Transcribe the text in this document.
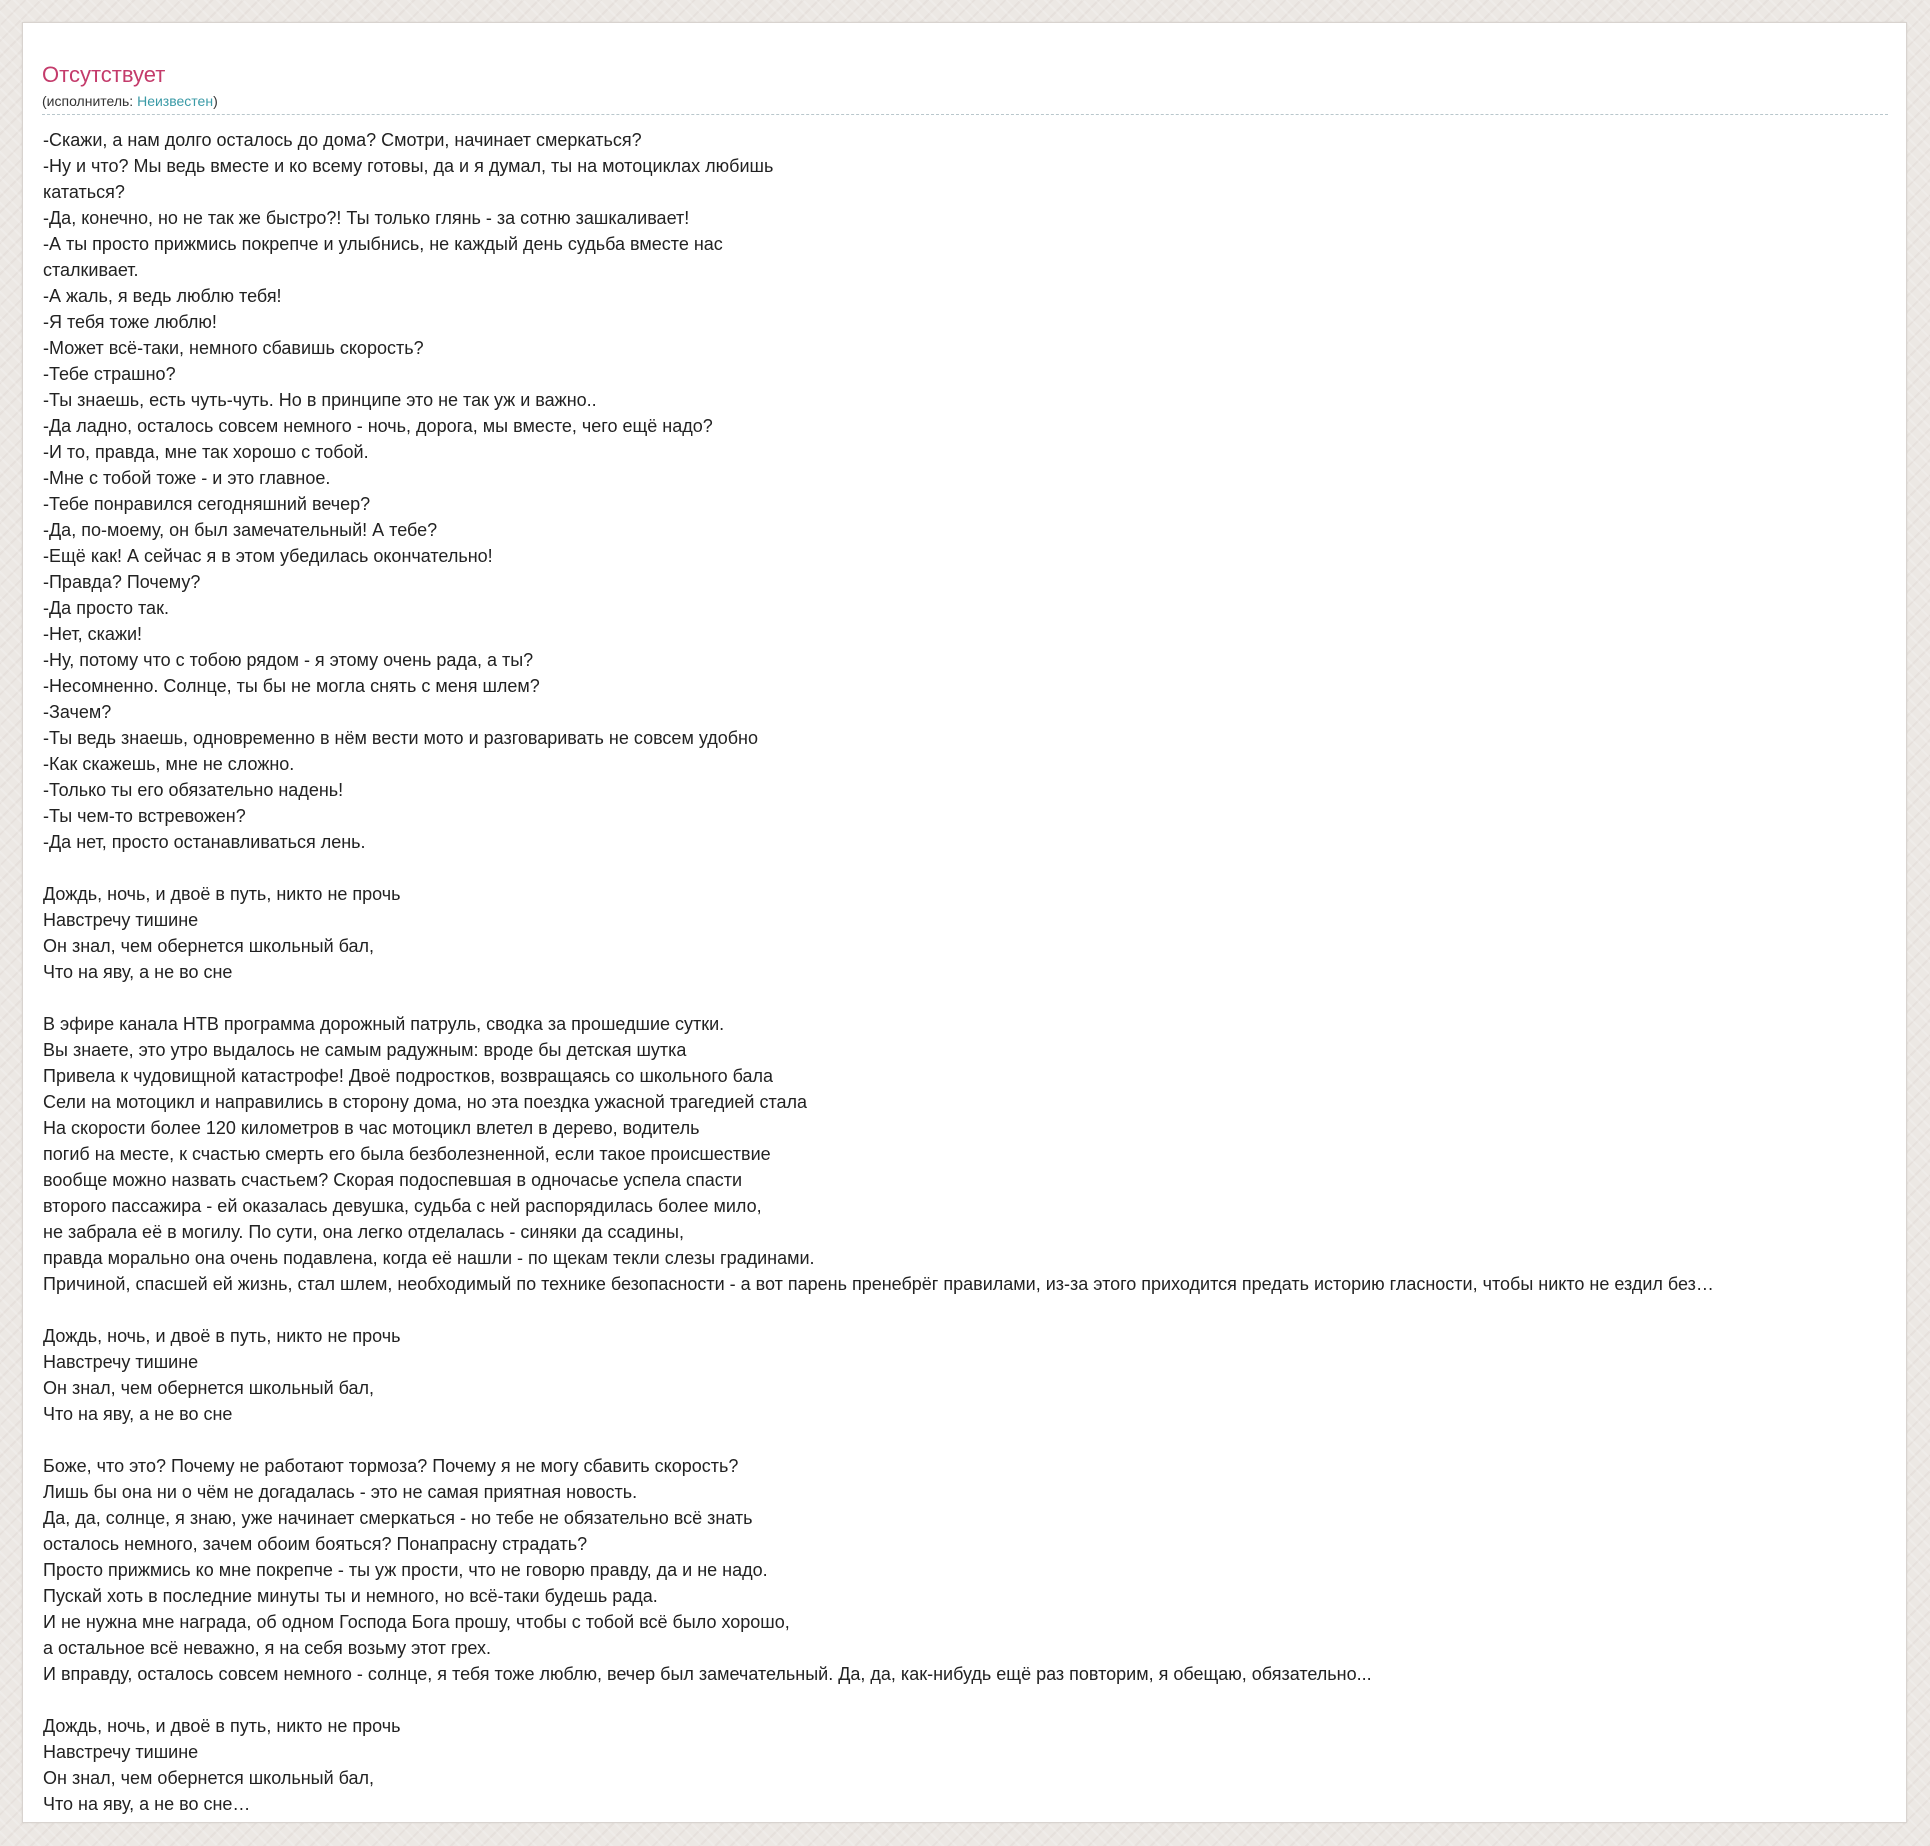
Отсутствует
(исполнитель: Неизвестен)
-Скажи, а нам долго осталось до дома? Смотри, начинает смеркаться?
-Ну и что? Мы ведь вместе и ко всему готовы, да и я думал, ты на мотоциклах любишь
кататься?
-Да, конечно, но не так же быстро?! Ты только глянь - за сотню зашкаливает!
-А ты просто прижмись покрепче и улыбнись, не каждый день судьба вместе нас
сталкивает.
-А жаль, я ведь люблю тебя!
-Я тебя тоже люблю!
-Может всё-таки, немного сбавишь скорость?
-Тебе страшно?
-Ты знаешь, есть чуть-чуть. Но в принципе это не так уж и важно..
-Да ладно, осталось совсем немного - ночь, дорога, мы вместе, чего ещё надо?
-И то, правда, мне так хорошо с тобой.
-Мне с тобой тоже - и это главное.
-Тебе понравился сегодняшний вечер?
-Да, по-моему, он был замечательный! А тебе?
-Ещё как! А сейчас я в этом убедилась окончательно!
-Правда? Почему?
-Да просто так.
-Нет, скажи!
-Ну, потому что с тобою рядом - я этому очень рада, а ты?
-Несомненно. Солнце, ты бы не могла снять с меня шлем?
-Зачем?
-Ты ведь знаешь, одновременно в нём вести мото и разговаривать не совсем удобно
-Как скажешь, мне не сложно.
-Только ты его обязательно надень!
-Ты чем-то встревожен?
-Да нет, просто останавливаться лень.
Дождь, ночь, и двоё в путь, никто не прочь
Навстречу тишине
Он знал, чем обернется школьный бал,
Что на яву, а не во сне
В эфире канала НТВ программа дорожный патруль, сводка за прошедшие сутки.
Вы знаете, это утро выдалось не самым радужным: вроде бы детская шутка
Привела к чудовищной катастрофе! Двоё подростков, возвращаясь со школьного бала
Сели на мотоцикл и направились в сторону дома, но эта поездка ужасной трагедией стала
На скорости более 120 километров в час мотоцикл влетел в дерево, водитель
погиб на месте, к счастью смерть его была безболезненной, если такое происшествие
вообще можно назвать счастьем? Скорая подоспевшая в одночасье успела спасти
второго пассажира - ей оказалась девушка, судьба с ней распорядилась более мило,
не забрала её в могилу. По сути, она легко отделалась - синяки да ссадины,
правда морально она очень подавлена, когда её нашли - по щекам текли слезы градинами.
Причиной, спасшей ей жизнь, стал шлем, необходимый по технике безопасности - а вот парень пренебрёг правилами, из-за этого приходится предать историю гласности, чтобы никто не ездил без…
Дождь, ночь, и двоё в путь, никто не прочь
Навстречу тишине
Он знал, чем обернется школьный бал,
Что на яву, а не во сне
Боже, что это? Почему не работают тормоза? Почему я не могу сбавить скорость?
Лишь бы она ни о чём не догадалась - это не самая приятная новость.
Да, да, солнце, я знаю, уже начинает смеркаться - но тебе не обязательно всё знать
осталось немного, зачем обоим бояться? Понапрасну страдать?
Просто прижмись ко мне покрепче - ты уж прости, что не говорю правду, да и не надо.
Пускай хоть в последние минуты ты и немного, но всё-таки будешь рада.
И не нужна мне награда, об одном Господа Бога прошу, чтобы с тобой всё было хорошо,
а остальное всё неважно, я на себя возьму этот грех.
И вправду, осталось совсем немного - солнце, я тебя тоже люблю, вечер был замечательный. Да, да, как-нибудь ещё раз повторим, я обещаю, обязательно...
Дождь, ночь, и двоё в путь, никто не прочь
Навстречу тишине
Он знал, чем обернется школьный бал,
Что на яву, а не во сне…
